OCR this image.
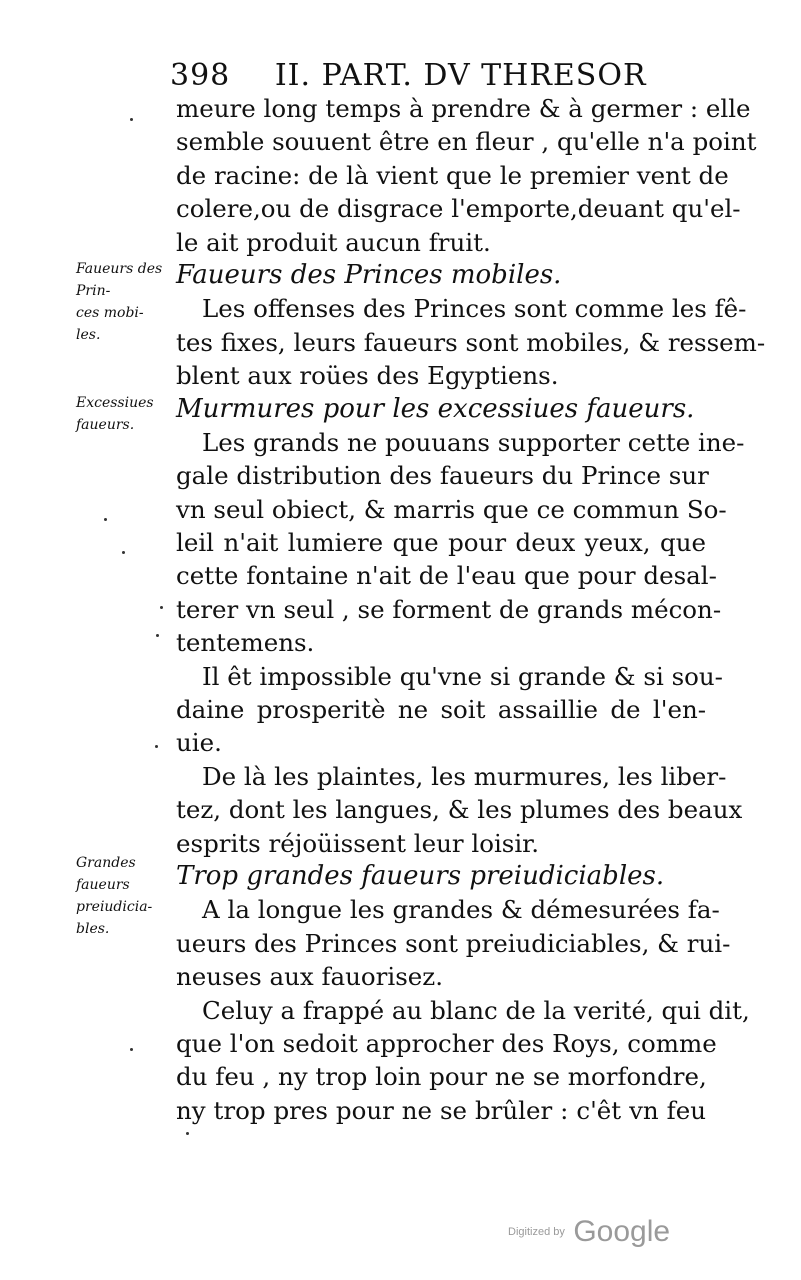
398 II. PART. DV THRESOR
meure long temps à prendre & à germer : elle
semble souuent être en fleur , qu'elle n'a point
de racine: de là vient que le premier vent de
colere,ou de disgrace l'emporte,deuant qu'el-
le ait produit aucun fruit.
Faueurs des Princes mobiles.
Les offenses des Princes sont comme les fê-
tes fixes, leurs faueurs sont mobiles, & ressem-
blent aux roües des Egyptiens.
Murmures pour les excessiues faueurs.
Les grands ne pouuans supporter cette ine-
gale distribution des faueurs du Prince sur
vn seul obiect, & marris que ce commun So-
leil n'ait lumiere que pour deux yeux, que
cette fontaine n'ait de l'eau que pour desal-
terer vn seul , se forment de grands mécon-
tentemens.
Il êt impossible qu'vne si grande & si sou-
daine prosperitè ne soit assaillie de l'en-
uie.
De là les plaintes, les murmures, les liber-
tez, dont les langues, & les plumes des beaux
esprits réjoüissent leur loisir.
Trop grandes faueurs preiudiciables.
A la longue les grandes & démesurées fa-
ueurs des Princes sont preiudiciables, & rui-
neuses aux fauorisez.
Celuy a frappé au blanc de la verité, qui dit,
que l'on sedoit approcher des Roys, comme
du feu , ny trop loin pour ne se morfondre,
ny trop pres pour ne se brûler : c'êt vn feu
Faueurs des Prin-
ces mobi-
les.
Excessiues faueurs.
Grandes faueurs preiudicia-
bles.
Digitized by Google
